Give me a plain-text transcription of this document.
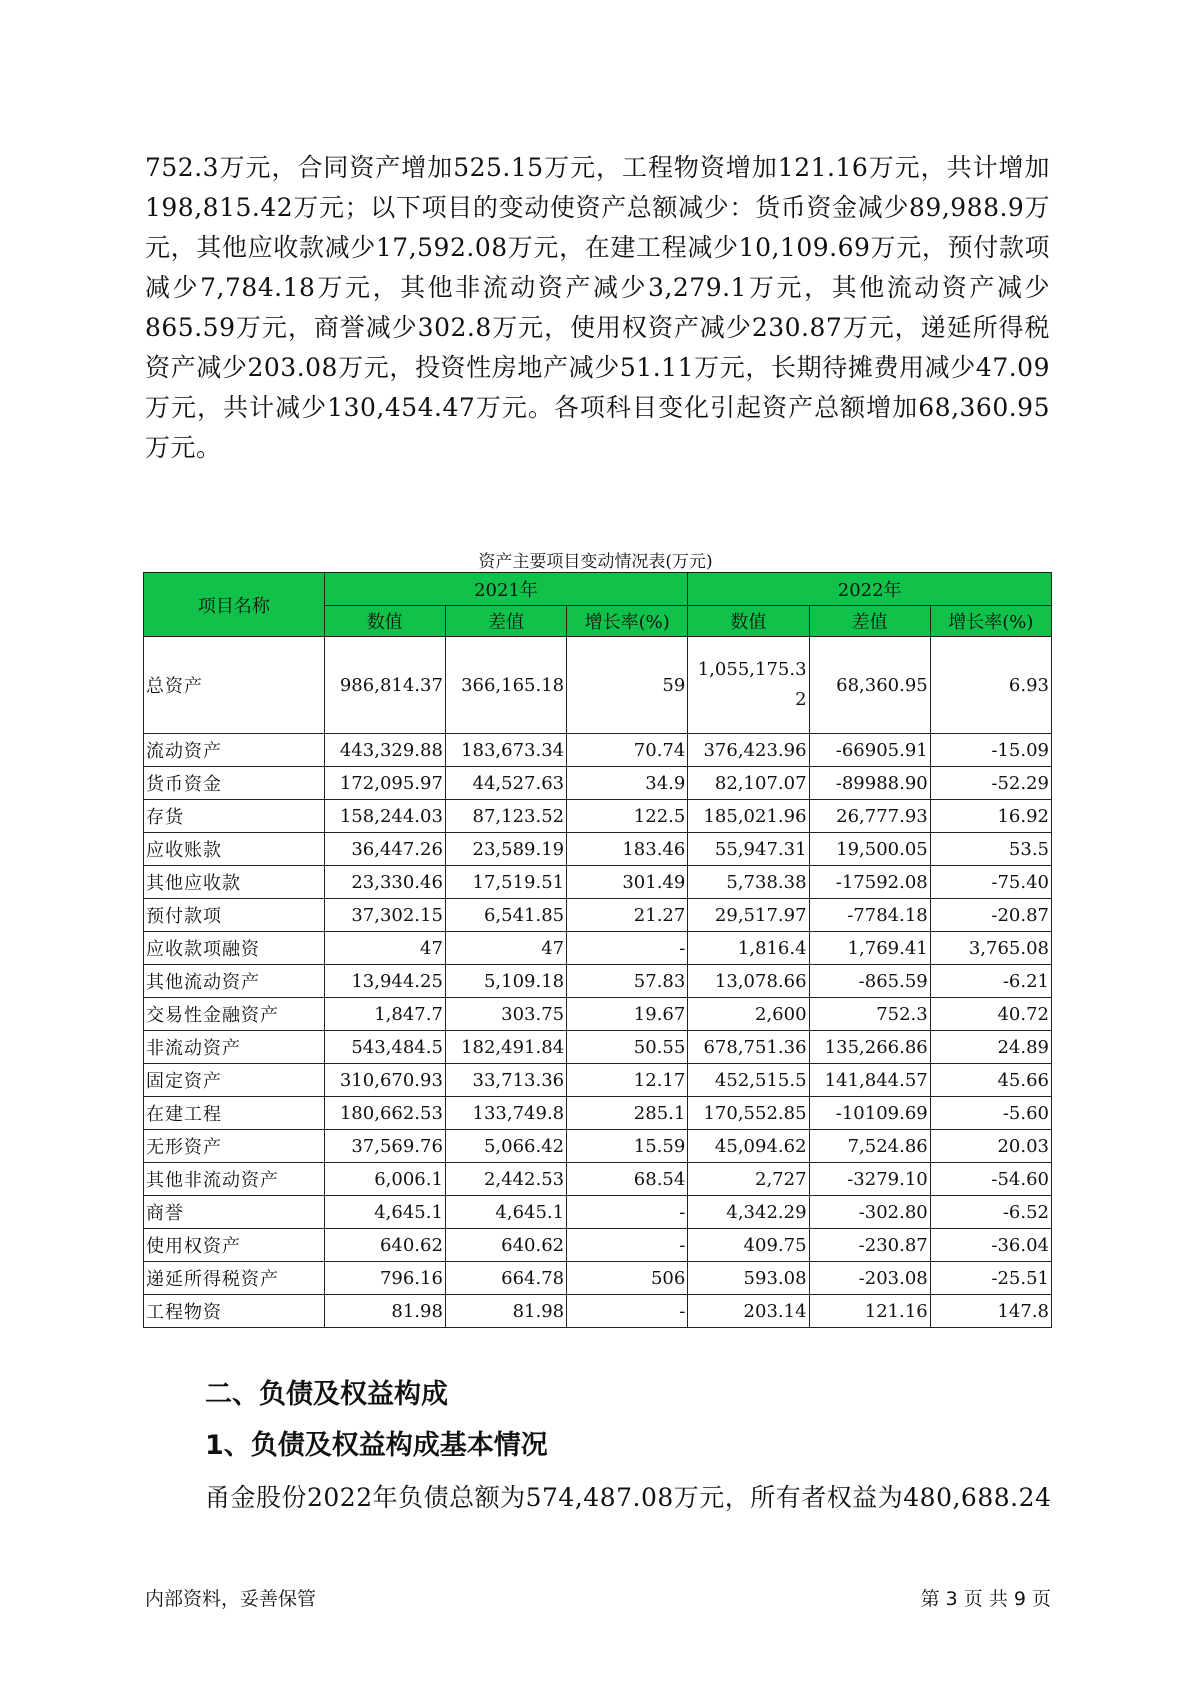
752.3万元，合同资产增加525.15万元，工程物资增加121.16万元，共计增加198,815.42万元；以下项目的变动使资产总额减少：货币资金减少89,988.9万元，其他应收款减少17,592.08万元，在建工程减少10,109.69万元，预付款项减少7,784.18万元，其他非流动资产减少3,279.1万元，其他流动资产减少865.59万元，商誉减少302.8万元，使用权资产减少230.87万元，递延所得税资产减少203.08万元，投资性房地产减少51.11万元，长期待摊费用减少47.09万元，共计减少130,454.47万元。各项科目变化引起资产总额增加68,360.95万元。
资产主要项目变动情况表(万元)
项目名称	2021年			2022年		
	数值	差值	增长率(%)	数值	差值	增长率(%)
总资产	986,814.37	366,165.18	59	1,055,175.32	68,360.95	6.93
流动资产	443,329.88	183,673.34	70.74	376,423.96	-66905.91	-15.09
货币资金	172,095.97	44,527.63	34.9	82,107.07	-89988.90	-52.29
存货	158,244.03	87,123.52	122.5	185,021.96	26,777.93	16.92
应收账款	36,447.26	23,589.19	183.46	55,947.31	19,500.05	53.5
其他应收款	23,330.46	17,519.51	301.49	5,738.38	-17592.08	-75.40
预付款项	37,302.15	6,541.85	21.27	29,517.97	-7784.18	-20.87
应收款项融资	47	47	-	1,816.4	1,769.41	3,765.08
其他流动资产	13,944.25	5,109.18	57.83	13,078.66	-865.59	-6.21
交易性金融资产	1,847.7	303.75	19.67	2,600	752.3	40.72
非流动资产	543,484.5	182,491.84	50.55	678,751.36	135,266.86	24.89
固定资产	310,670.93	33,713.36	12.17	452,515.5	141,844.57	45.66
在建工程	180,662.53	133,749.8	285.1	170,552.85	-10109.69	-5.60
无形资产	37,569.76	5,066.42	15.59	45,094.62	7,524.86	20.03
其他非流动资产	6,006.1	2,442.53	68.54	2,727	-3279.10	-54.60
商誉	4,645.1	4,645.1	-	4,342.29	-302.80	-6.52
使用权资产	640.62	640.62	-	409.75	-230.87	-36.04
递延所得税资产	796.16	664.78	506	593.08	-203.08	-25.51
工程物资	81.98	81.98	-	203.14	121.16	147.8
二、负债及权益构成
1、负债及权益构成基本情况
甬金股份2022年负债总额为574,487.08万元，所有者权益为480,688.24
内部资料，妥善保管	第 3 页 共 9 页
